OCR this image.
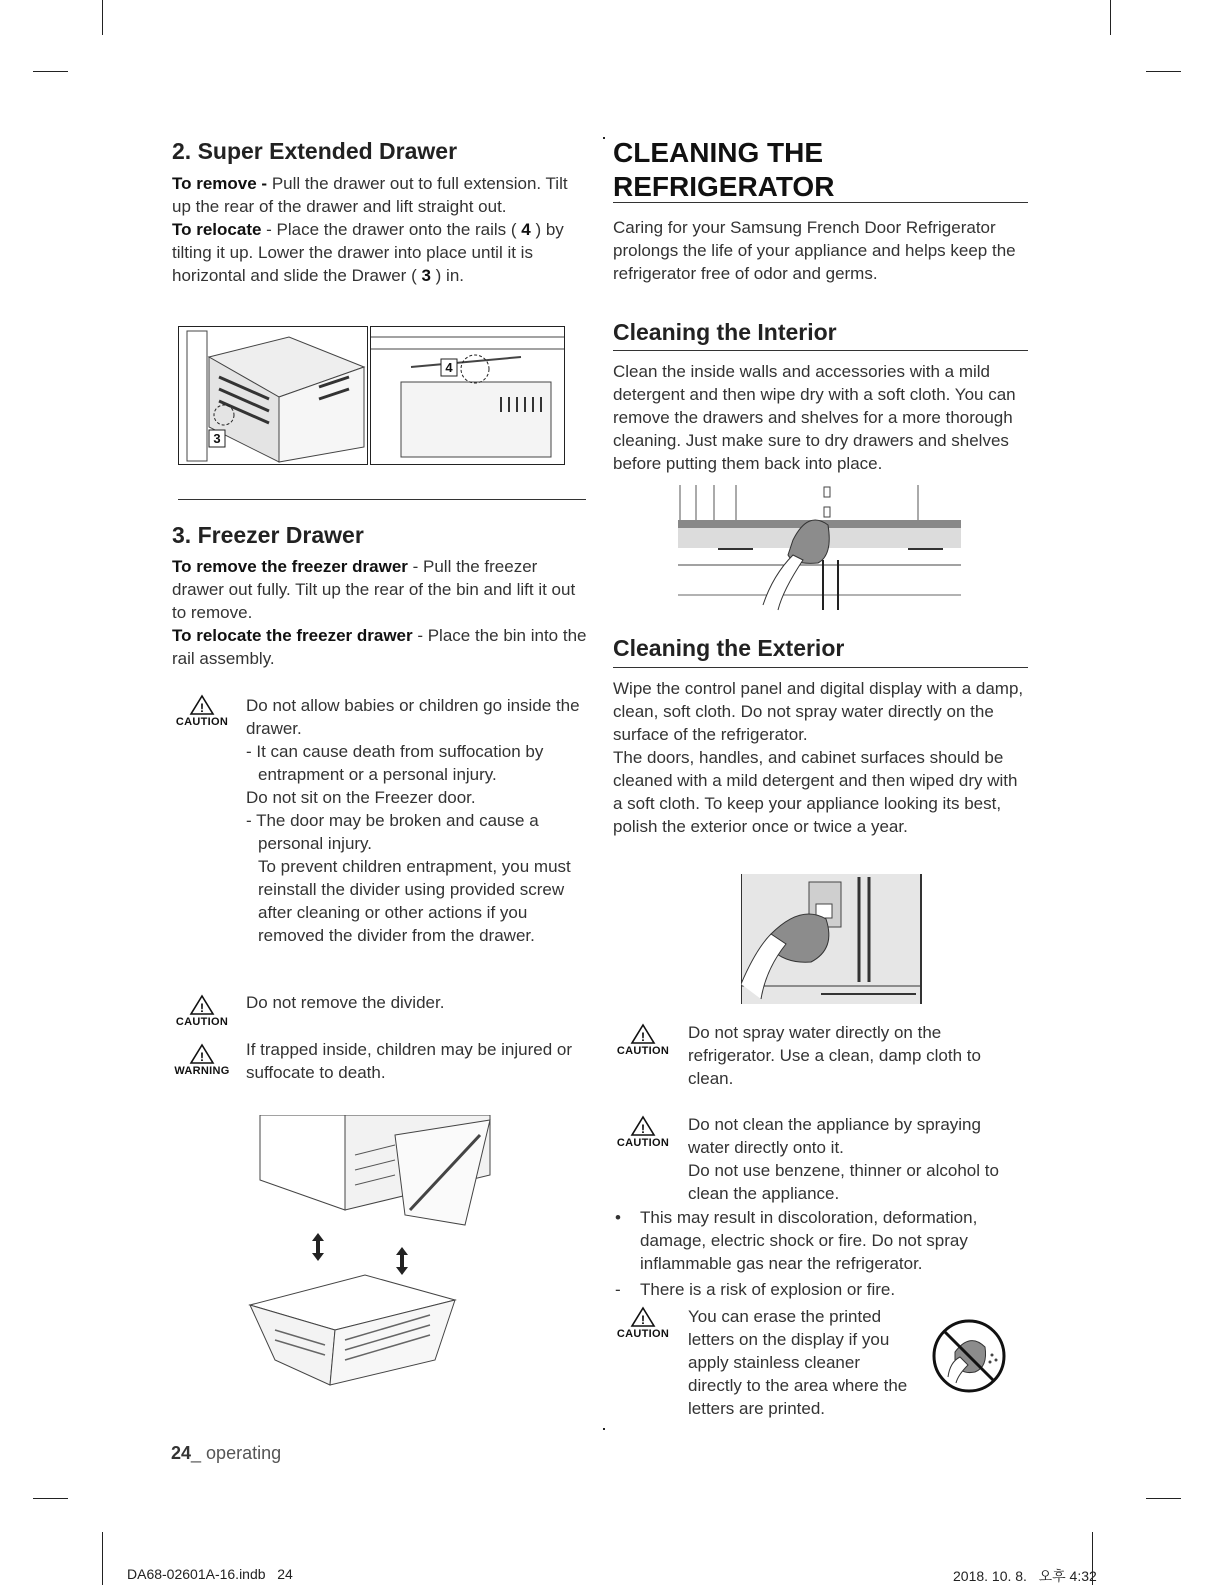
2. Super Extended Drawer
To remove - Pull the drawer out to full extension. Tilt up the rear of the drawer and lift straight out.
To relocate - Place the drawer onto the rails ( 4 ) by tilting it up. Lower the drawer into place until it is horizontal and slide the Drawer ( 3 ) in.
3
4
3. Freezer Drawer
To remove the freezer drawer - Pull the freezer drawer out fully. Tilt up the rear of the bin and lift it out to remove.
To relocate the freezer drawer - Place the bin into the rail assembly.
!
CAUTION
Do not allow babies or children go inside the drawer.
- It can cause death from suffocation by entrapment or a personal injury.
Do not sit on the Freezer door.
- The door may be broken and cause a personal injury.
To prevent children entrapment, you must reinstall the divider using provided screw after cleaning or other actions if you removed the divider from the drawer.
!
CAUTION
Do not remove the divider.
!
WARNING
If trapped inside, children may be injured or suffocate to death.
CLEANING THE REFRIGERATOR
Caring for your Samsung French Door Refrigerator prolongs the life of your appliance and helps keep the refrigerator free of odor and germs.
Cleaning the Interior
Clean the inside walls and accessories with a mild detergent and then wipe dry with a soft cloth. You can remove the drawers and shelves for a more thorough cleaning. Just make sure to dry drawers and shelves before putting them back into place.
Cleaning the Exterior
Wipe the control panel and digital display with a damp, clean, soft cloth. Do not spray water directly on the surface of the refrigerator.
The doors, handles, and cabinet surfaces should be cleaned with a mild detergent and then wiped dry with a soft cloth. To keep your appliance looking its best, polish the exterior once or twice a year.
!
CAUTION
Do not spray water directly on the refrigerator. Use a clean, damp cloth to clean.
!
CAUTION
Do not clean the appliance by spraying water directly onto it.
Do not use benzene, thinner or alcohol to clean the appliance.
• This may result in discoloration, deformation, damage, electric shock or fire. Do not spray inflammable gas near the refrigerator.
- There is a risk of explosion or fire.
!
CAUTION
You can erase the printed letters on the display if you apply stainless cleaner directly to the area where the letters are printed.
24_ operating
DA68-02601A-16.indb   24	2018. 10. 8.   오후 4:32
